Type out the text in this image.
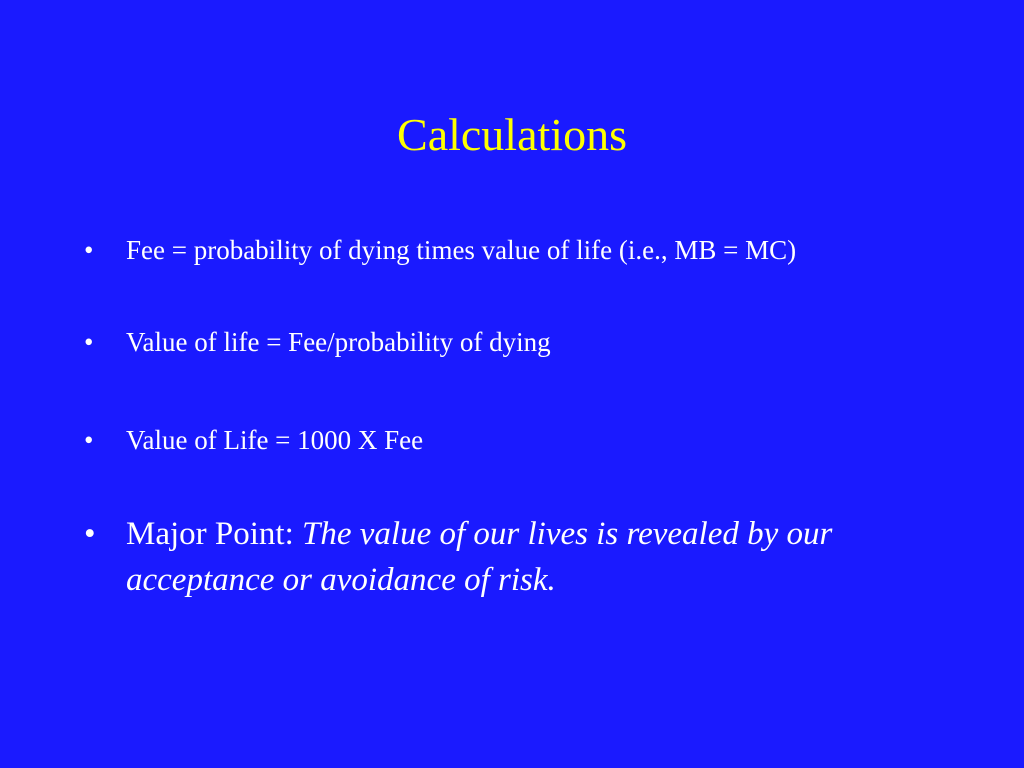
Calculations
• Fee = probability of dying times value of life (i.e., MB = MC)
• Value of life = Fee/probability of dying
• Value of Life = 1000 X Fee
• Major Point: The value of our lives is revealed by our acceptance or avoidance of risk.
